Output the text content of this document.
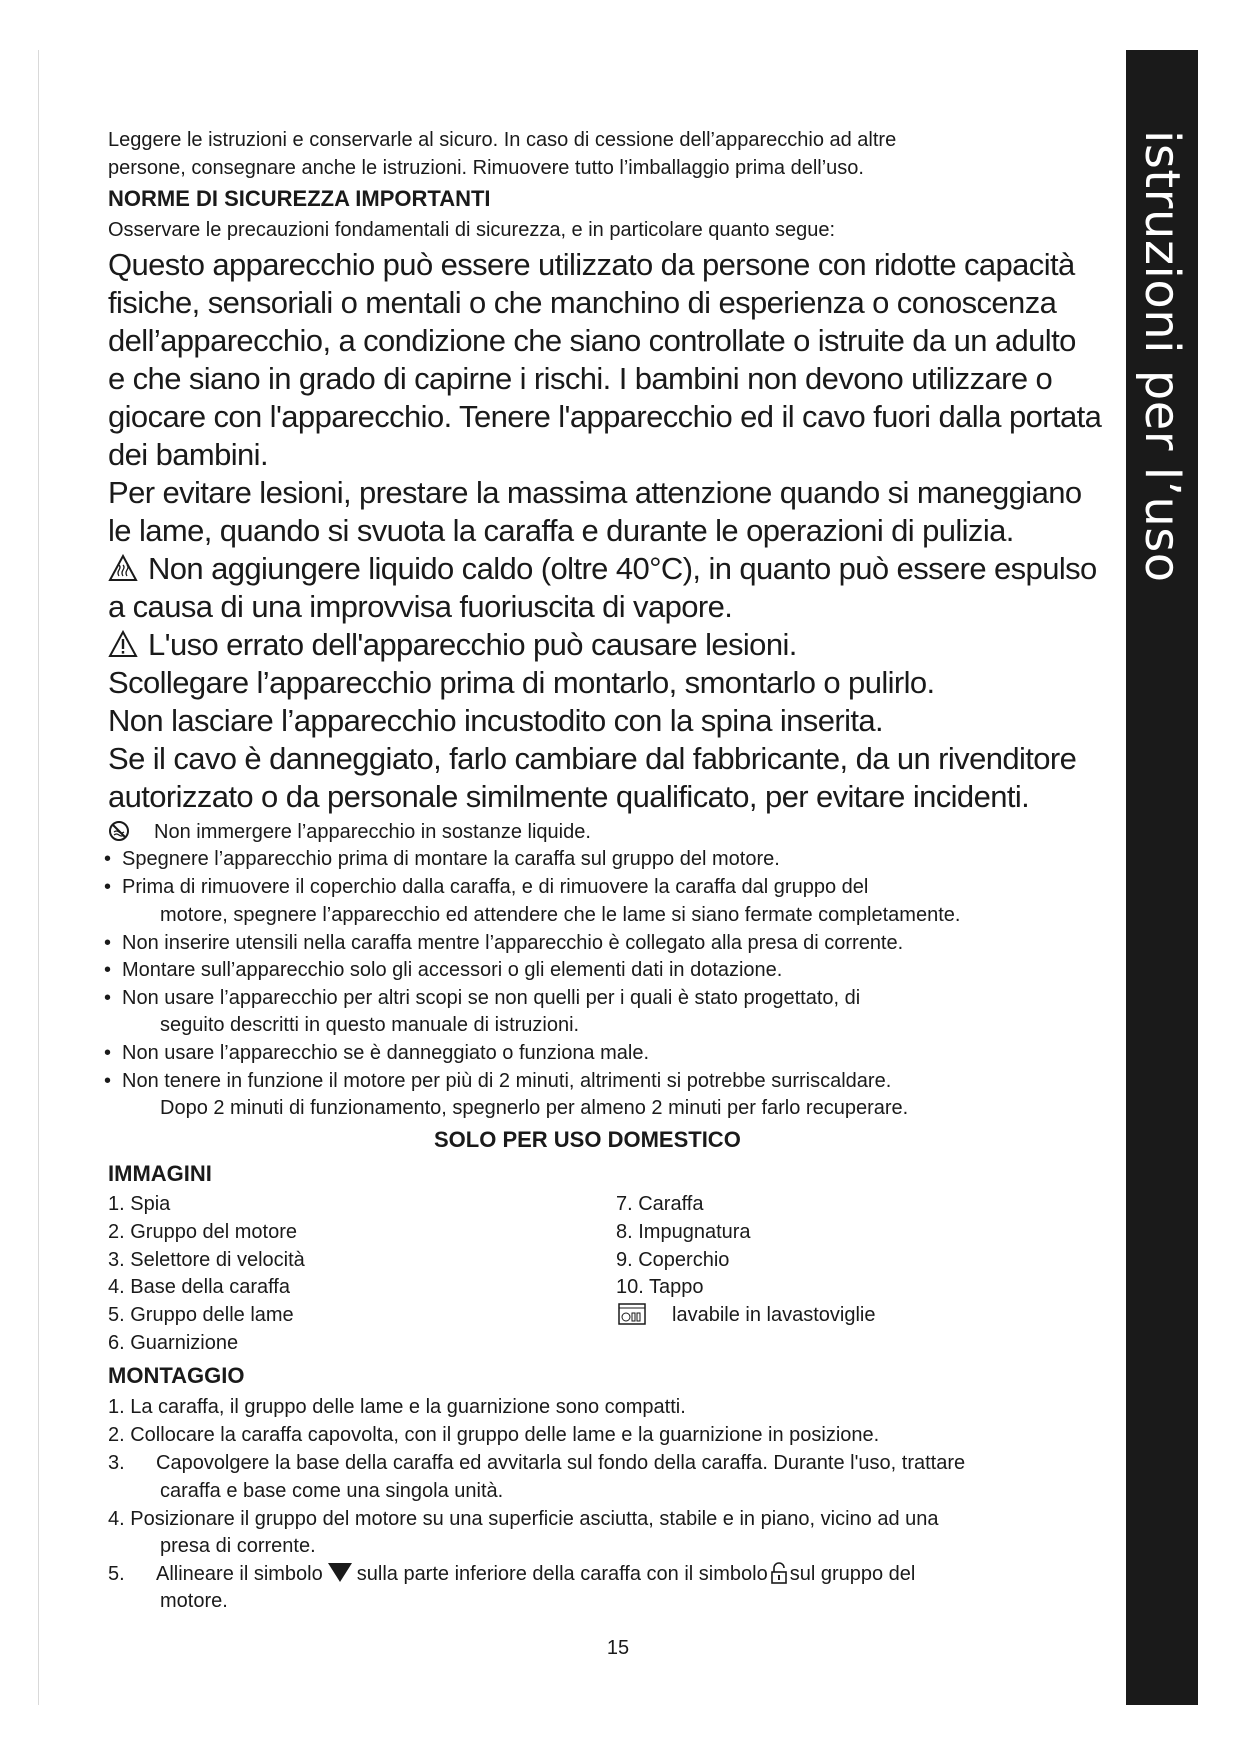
istruzioni per l’uso
Leggere le istruzioni e conservarle al sicuro. In caso di cessione dell’apparecchio ad altre
persone, consegnare anche le istruzioni. Rimuovere tutto l’imballaggio prima dell’uso.
NORME DI SICUREZZA IMPORTANTI
Osservare le precauzioni fondamentali di sicurezza, e in particolare quanto segue:
Questo apparecchio può essere utilizzato da persone con ridotte capacità
fisiche, sensoriali o mentali o che manchino di esperienza o conoscenza
dell’apparecchio, a condizione che siano controllate o istruite da un adulto
e che siano in grado di capirne i rischi. I bambini non devono utilizzare o
giocare con l'apparecchio. Tenere l'apparecchio ed il cavo fuori dalla portata
dei bambini.
Per evitare lesioni, prestare la massima attenzione quando si maneggiano
le lame, quando si svuota la caraffa e durante le operazioni di pulizia.
Non aggiungere liquido caldo (oltre 40°C), in quanto può essere espulso
a causa di una improvvisa fuoriuscita di vapore.
L'uso errato dell'apparecchio può causare lesioni.
Scollegare l’apparecchio prima di montarlo, smontarlo o pulirlo.
Non lasciare l’apparecchio incustodito con la spina inserita.
Se il cavo è danneggiato, farlo cambiare dal fabbricante, da un rivenditore
autorizzato o da personale similmente qualificato, per evitare incidenti.
Non immergere l’apparecchio in sostanze liquide.
• Spegnere l’apparecchio prima di montare la caraffa sul gruppo del motore.
• Prima di rimuovere il coperchio dalla caraffa, e di rimuovere la caraffa dal gruppo del
motore, spegnere l’apparecchio ed attendere che le lame si siano fermate completamente.
• Non inserire utensili nella caraffa mentre l’apparecchio è collegato alla presa di corrente.
• Montare sull’apparecchio solo gli accessori o gli elementi dati in dotazione.
• Non usare l’apparecchio per altri scopi se non quelli per i quali è stato progettato, di
seguito descritti in questo manuale di istruzioni.
• Non usare l’apparecchio se è danneggiato o funziona male.
• Non tenere in funzione il motore per più di 2 minuti, altrimenti si potrebbe surriscaldare.
Dopo 2 minuti di funzionamento, spegnerlo per almeno 2 minuti per farlo recuperare.
SOLO PER USO DOMESTICO
IMMAGINI
1. Spia
2. Gruppo del motore
3. Selettore di velocità
4. Base della caraffa
5. Gruppo delle lame
6. Guarnizione
7. Caraffa
8. Impugnatura
9. Coperchio
10. Tappo
lavabile in lavastoviglie
MONTAGGIO
1. La caraffa, il gruppo delle lame e la guarnizione sono compatti.
2. Collocare la caraffa capovolta, con il gruppo delle lame e la guarnizione in posizione.
3. Capovolgere la base della caraffa ed avvitarla sul fondo della caraffa. Durante l'uso, trattare
caraffa e base come una singola unità.
4. Posizionare il gruppo del motore su una superficie asciutta, stabile e in piano, vicino ad una
presa di corrente.
5. Allineare il simbolo sulla parte inferiore della caraffa con il simbolo sul gruppo del
motore.
15
